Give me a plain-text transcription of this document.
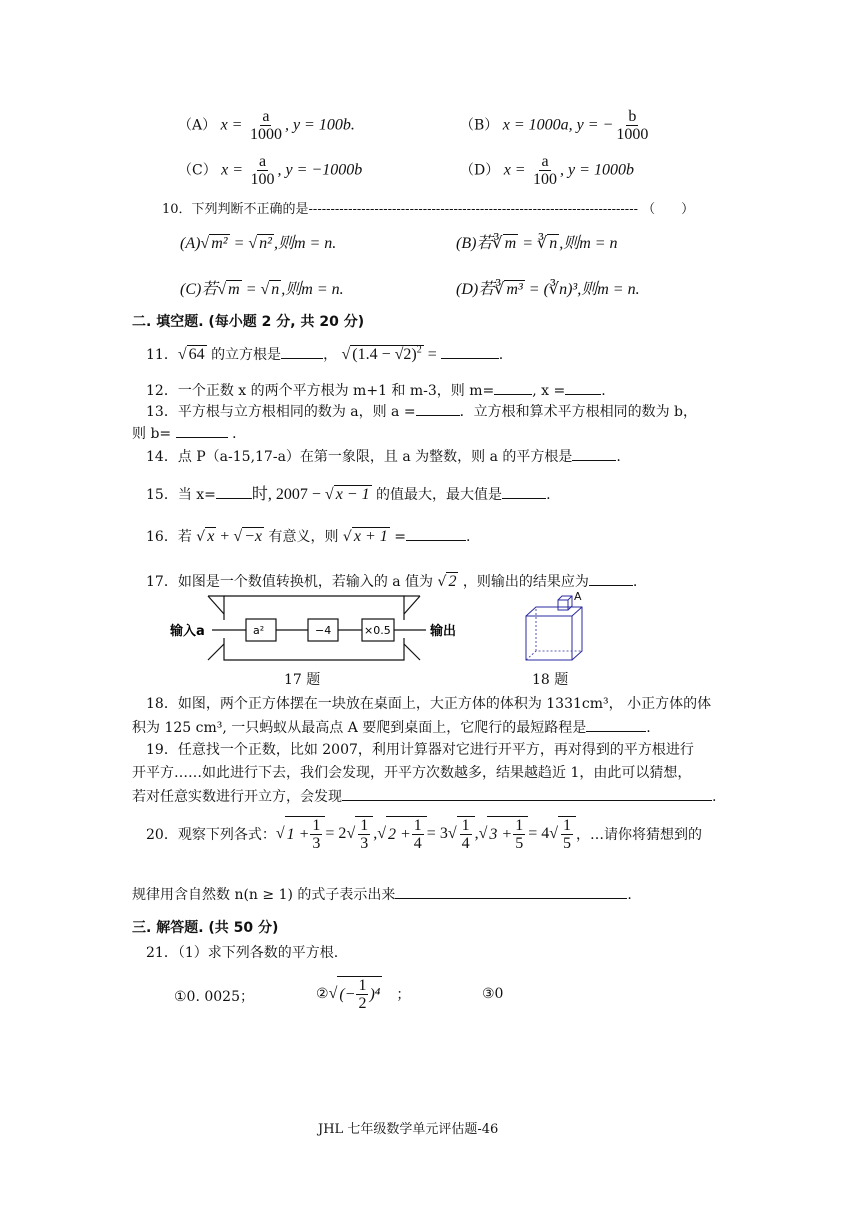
（A） $x = \frac{a}{1000}$ , y = 100b.	（B） x = 1000a, y = − $\frac{b}{1000}$
（C） $x = \frac{a}{100}$ , y = −1000b	（D） $x = \frac{a}{100}$ , y = 1000b
10．下列判断不正确的是--------------------------------------------------------------------------- （　　）
(A)√ m² = √ n² ,则m = n.	(B)若∛ m = ∛ n ,则m = n
(C)若√ m = √ n ,则m = n.	(D)若∛ m³ = (∛n)³,则m = n.
二. 填空题. (每小题 2 分, 共 20 分)
11．√ 64 的立方根是	， √ $(1.4 - √2)^2$ =	.
12．一个正数 x 的两个平方根为 m+1 和 m-3，则 m=	, x =	.
13．平方根与立方根相同的数为 a，则 a =	．立方根和算术平方根相同的数为 b，
则 b=	．
14．点 P（a-15,17-a）在第一象限，且 a 为整数，则 a 的平方根是	.
15．当 x= 时, 2007 − √ x − 1 的值最大，最大值是	.
16．若 √ x + √ −x 有意义，则 √ x + 1 =	.
17．如图是一个数值转换机，若输入的 a 值为 √ 2 ，则输出的结果应为	.
输入a	a²	−4	×0.5	输出
17 题
A
18 题
18．如图，两个正方体摆在一块放在桌面上，大正方体的体积为 1331cm³， 小正方体的体
积为 125 cm³, 一只蚂蚁从最高点 A 要爬到桌面上，它爬行的最短路程是	.
19．任意找一个正数，比如 2007，利用计算器对它进行开平方，再对得到的平方根进行
开平方……如此进行下去，我们会发现，开平方次数越多，结果越趋近 1，由此可以猜想，
若对任意实数进行开立方，会发现	.
20．观察下列各式： √ $1 + \frac{1}{3} = 2$ √ $\frac{1}{3}$ , √ $2 + \frac{1}{4} = 3$ √ $\frac{1}{4}$ , √ $3 + \frac{1}{5} = 4$ √ $\frac{1}{5}$ ，…请你将猜想到的
规律用含自然数 n(n ≥ 1) 的式子表示出来	.
三. 解答题. (共 50 分)
21．（1）求下列各数的平方根.
①0. 0025；	② √ (− $\frac{1}{2} )^4$ ；	③0
JHL 七年级数学单元评估题-46
